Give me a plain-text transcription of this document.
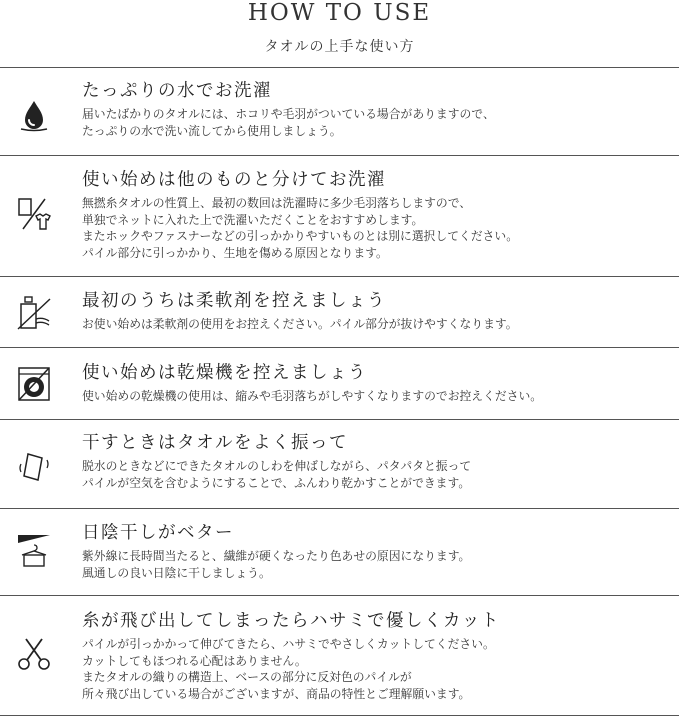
HOW TO USE
タオルの上手な使い方
たっぷりの水でお洗濯
届いたばかりのタオルには、ホコリや毛羽がついている場合がありますので、
たっぷりの水で洗い流してから使用しましょう。
使い始めは他のものと分けてお洗濯
無撚糸タオルの性質上、最初の数回は洗濯時に多少毛羽落ちしますので、
単独でネットに入れた上で洗濯いただくことをおすすめします。
またホックやファスナーなどの引っかかりやすいものとは別に選択してください。
パイル部分に引っかかり、生地を傷める原因となります。
最初のうちは柔軟剤を控えましょう
お使い始めは柔軟剤の使用をお控えください。パイル部分が抜けやすくなります。
使い始めは乾燥機を控えましょう
使い始めの乾燥機の使用は、縮みや毛羽落ちがしやすくなりますのでお控えください。
干すときはタオルをよく振って
脱水のときなどにできたタオルのしわを伸ばしながら、パタパタと振って
パイルが空気を含むようにすることで、ふんわり乾かすことができます。
日陰干しがベター
紫外線に長時間当たると、繊維が硬くなったり色あせの原因になります。
風通しの良い日陰に干しましょう。
糸が飛び出してしまったらハサミで優しくカット
パイルが引っかかって伸びてきたら、ハサミでやさしくカットしてください。
カットしてもほつれる心配はありません。
またタオルの織りの構造上、ベースの部分に反対色のパイルが
所々飛び出している場合がございますが、商品の特性とご理解願います。
